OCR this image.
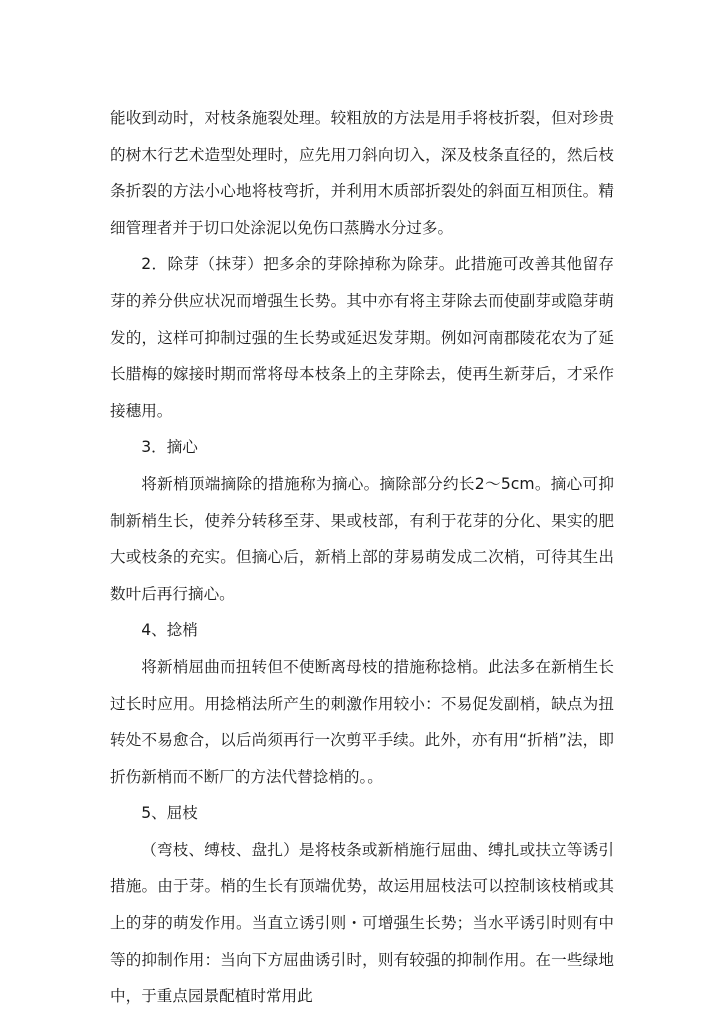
能收到动时，对枝条施裂处理。较粗放的方法是用手将枝折裂，但对珍贵的树木行艺术造型处理时，应先用刀斜向切入，深及枝条直径的，然后枝条折裂的方法小心地将枝弯折，并利用木质部折裂处的斜面互相顶住。精细管理者并于切口处涂泥以免伤口蒸腾水分过多。

2．除芽（抹芽）把多余的芽除掉称为除芽。此措施可改善其他留存芽的养分供应状况而增强生长势。其中亦有将主芽除去而使副芽或隐芽萌发的，这样可抑制过强的生长势或延迟发芽期。例如河南郡陵花农为了延长腊梅的嫁接时期而常将母本枝条上的主芽除去，使再生新芽后，才采作接穗用。

3．摘心

将新梢顶端摘除的措施称为摘心。摘除部分约长2～5cm。摘心可抑制新梢生长，使养分转移至芽、果或枝部，有利于花芽的分化、果实的肥大或枝条的充实。但摘心后，新梢上部的芽易萌发成二次梢，可待其生出数叶后再行摘心。

4、捻梢

将新梢屈曲而扭转但不使断离母枝的措施称捻梢。此法多在新梢生长过长时应用。用捻梢法所产生的刺激作用较小：不易促发副梢，缺点为扭转处不易愈合，以后尚须再行一次剪平手续。此外，亦有用“折梢”法，即折伤新梢而不断厂的方法代替捻梢的。。

5、屈枝

（弯枝、缚枝、盘扎）是将枝条或新梢施行屈曲、缚扎或扶立等诱引措施。由于芽。梢的生长有顶端优势，故运用屈枝法可以控制该枝梢或其上的芽的萌发作用。当直立诱引则・可增强生长势；当水平诱引时则有中等的抑制作用：当向下方屈曲诱引时，则有较强的抑制作用。在一些绿地中，于重点园景配植时常用此
